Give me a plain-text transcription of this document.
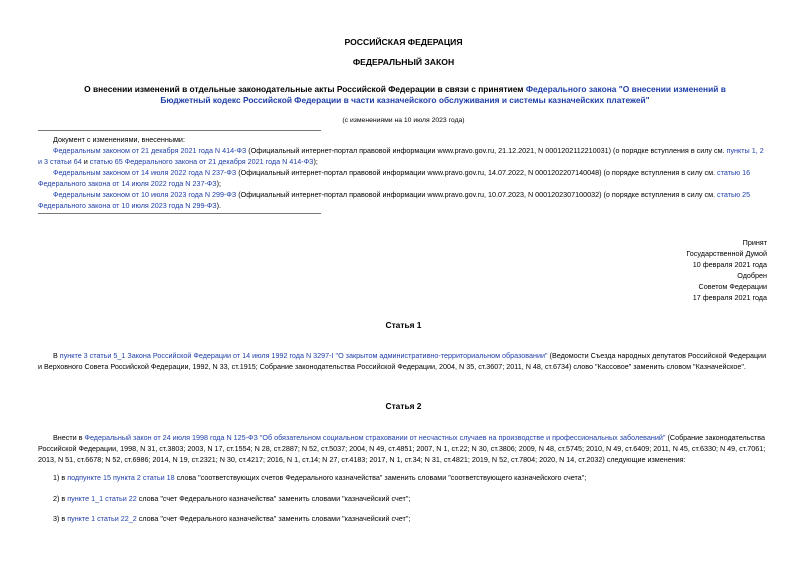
РОССИЙСКАЯ ФЕДЕРАЦИЯ
ФЕДЕРАЛЬНЫЙ ЗАКОН
О внесении изменений в отдельные законодательные акты Российской Федерации в связи с принятием Федерального закона "О внесении изменений в Бюджетный кодекс Российской Федерации в части казначейского обслуживания и системы казначейских платежей"
(с изменениями на 10 июля 2023 года)
Документ с изменениями, внесенными:
Федеральным законом от 21 декабря 2021 года N 414-ФЗ (Официальный интернет-портал правовой информации www.pravo.gov.ru, 21.12.2021, N 0001202112210031) (о порядке вступления в силу см. пункты 1, 2 и 3 статьи 64 и статью 65 Федерального закона от 21 декабря 2021 года N 414-ФЗ);
Федеральным законом от 14 июля 2022 года N 237-ФЗ (Официальный интернет-портал правовой информации www.pravo.gov.ru, 14.07.2022, N 0001202207140048) (о порядке вступления в силу см. статью 16 Федерального закона от 14 июля 2022 года N 237-ФЗ);
Федеральным законом от 10 июля 2023 года N 299-ФЗ (Официальный интернет-портал правовой информации www.pravo.gov.ru, 10.07.2023, N 0001202307100032) (о порядке вступления в силу см. статью 25 Федерального закона от 10 июля 2023 года N 299-ФЗ).
Принят
Государственной Думой
10 февраля 2021 года
Одобрен
Советом Федерации
17 февраля 2021 года
Статья 1
В пункте 3 статьи 5_1 Закона Российской Федерации от 14 июля 1992 года N 3297-I "О закрытом административно-территориальном образовании" (Ведомости Съезда народных депутатов Российской Федерации и Верховного Совета Российской Федерации, 1992, N 33, ст.1915; Собрание законодательства Российской Федерации, 2004, N 35, ст.3607; 2011, N 48, ст.6734) слово "Кассовое" заменить словом "Казначейское".
Статья 2
Внести в Федеральный закон от 24 июля 1998 года N 125-ФЗ "Об обязательном социальном страховании от несчастных случаев на производстве и профессиональных заболеваний" (Собрание законодательства Российской Федерации, 1998, N 31, ст.3803; 2003, N 17, ст.1554; N 28, ст.2887; N 52, ст.5037; 2004, N 49, ст.4851; 2007, N 1, ст.22; N 30, ст.3806; 2009, N 48, ст.5745; 2010, N 49, ст.6409; 2011, N 45, ст.6330; N 49, ст.7061; 2013, N 51, ст.6678; N 52, ст.6986; 2014, N 19, ст.2321; N 30, ст.4217; 2016, N 1, ст.14; N 27, ст.4183; 2017, N 1, ст.34; N 31, ст.4821; 2019, N 52, ст.7804; 2020, N 14, ст.2032) следующие изменения:
1) в подпункте 15 пункта 2 статьи 18 слова "соответствующих счетов Федерального казначейства" заменить словами "соответствующего казначейского счета";
2) в пункте 1_1 статьи 22 слова "счет Федерального казначейства" заменить словами "казначейский счет";
3) в пункте 1 статьи 22_2 слова "счет Федерального казначейства" заменить словами "казначейский счет";
